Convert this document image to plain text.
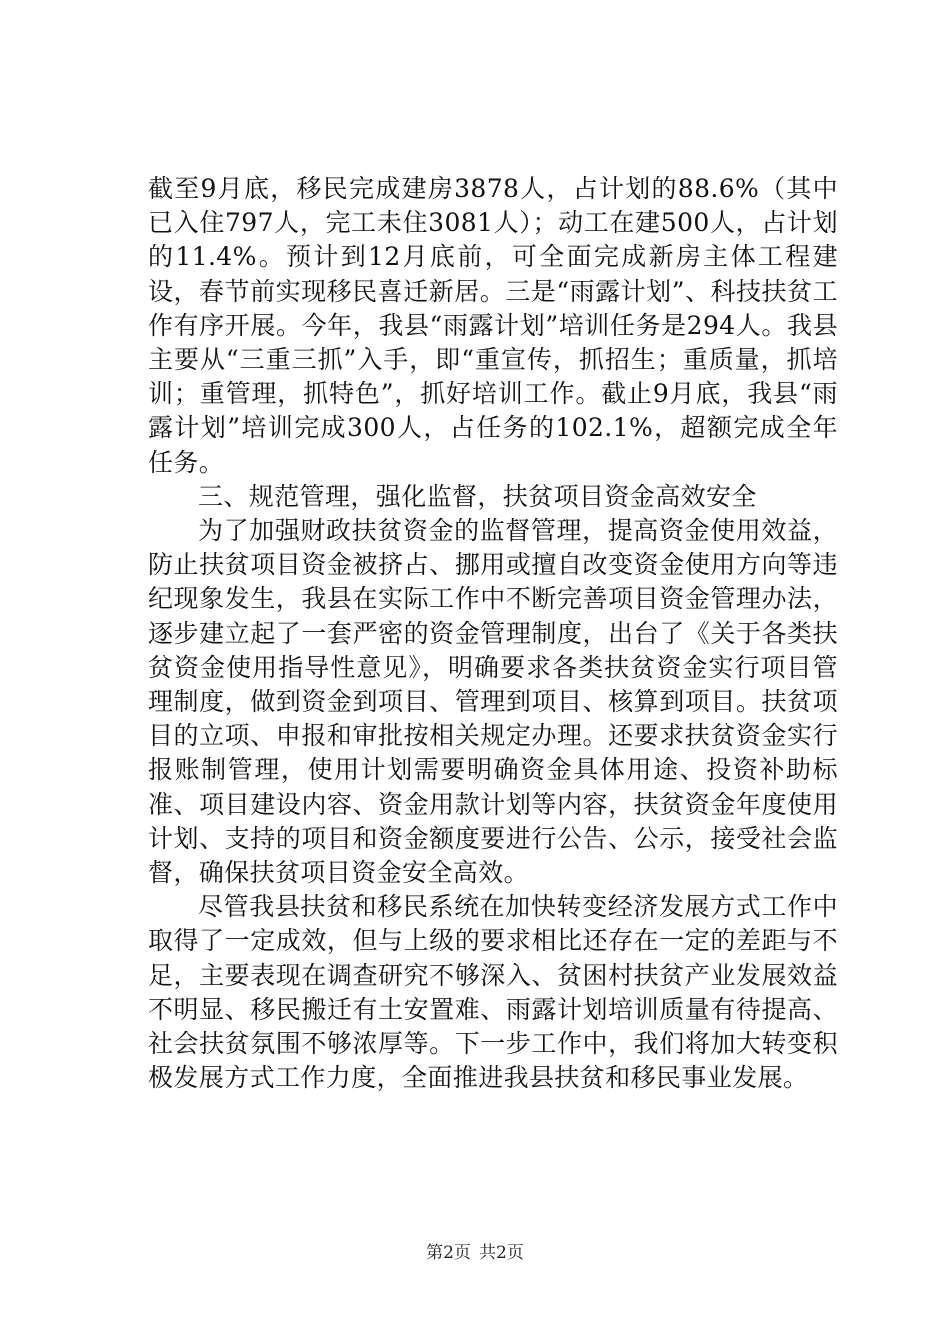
截至9月底，移民完成建房3878人，占计划的88.6%（其中已入住797人，完工未住3081人）；动工在建500人，占计划的11.4%。预计到12月底前，可全面完成新房主体工程建设，春节前实现移民喜迁新居。三是“雨露计划”、科技扶贫工作有序开展。今年，我县“雨露计划”培训任务是294人。我县主要从“三重三抓”入手，即“重宣传，抓招生；重质量，抓培训；重管理，抓特色”，抓好培训工作。截止9月底，我县“雨露计划”培训完成300人，占任务的102.1%，超额完成全年任务。

三、规范管理，强化监督，扶贫项目资金高效安全

为了加强财政扶贫资金的监督管理，提高资金使用效益，防止扶贫项目资金被挤占、挪用或擅自改变资金使用方向等违纪现象发生，我县在实际工作中不断完善项目资金管理办法，逐步建立起了一套严密的资金管理制度，出台了《关于各类扶贫资金使用指导性意见》，明确要求各类扶贫资金实行项目管理制度，做到资金到项目、管理到项目、核算到项目。扶贫项目的立项、申报和审批按相关规定办理。还要求扶贫资金实行报账制管理，使用计划需要明确资金具体用途、投资补助标准、项目建设内容、资金用款计划等内容，扶贫资金年度使用计划、支持的项目和资金额度要进行公告、公示，接受社会监督，确保扶贫项目资金安全高效。

尽管我县扶贫和移民系统在加快转变经济发展方式工作中取得了一定成效，但与上级的要求相比还存在一定的差距与不足，主要表现在调查研究不够深入、贫困村扶贫产业发展效益不明显、移民搬迁有土安置难、雨露计划培训质量有待提高、社会扶贫氛围不够浓厚等。下一步工作中，我们将加大转变积极发展方式工作力度，全面推进我县扶贫和移民事业发展。

第2页 共2页
